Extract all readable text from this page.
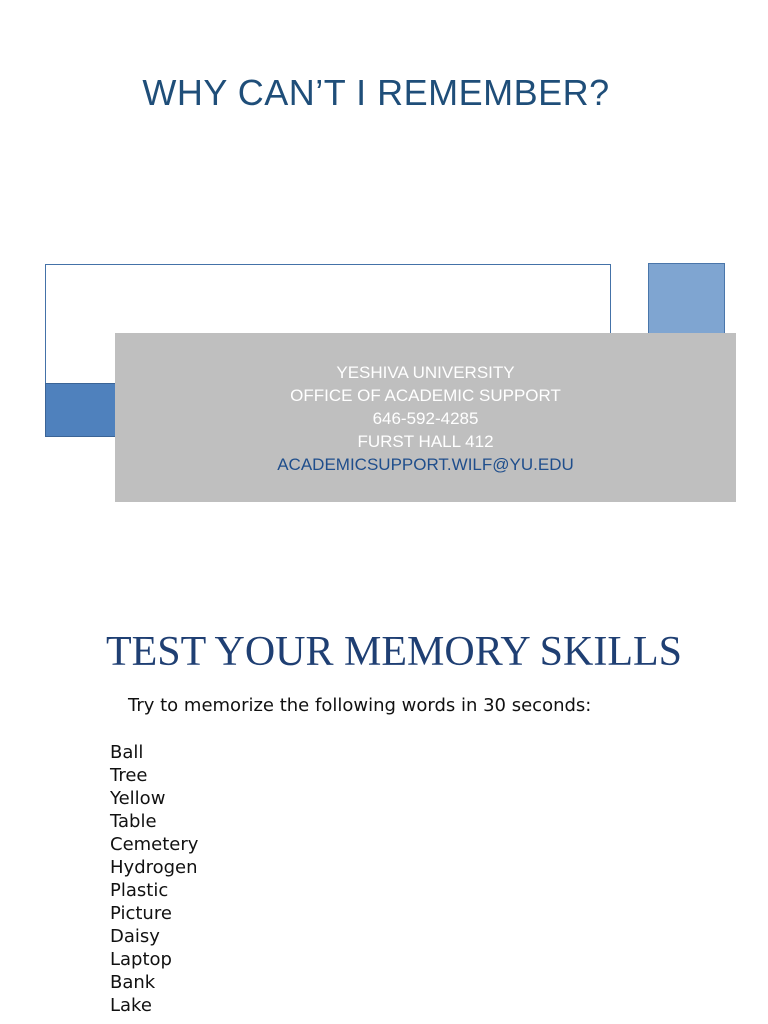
WHY CAN’T I REMEMBER?
YESHIVA UNIVERSITY
OFFICE OF ACADEMIC SUPPORT
646-592-4285
FURST HALL 412
ACADEMICSUPPORT.WILF@YU.EDU
TEST YOUR MEMORY SKILLS
Try to memorize the following words in 30 seconds:
Ball
Tree
Yellow
Table
Cemetery
Hydrogen
Plastic
Picture
Daisy
Laptop
Bank
Lake
